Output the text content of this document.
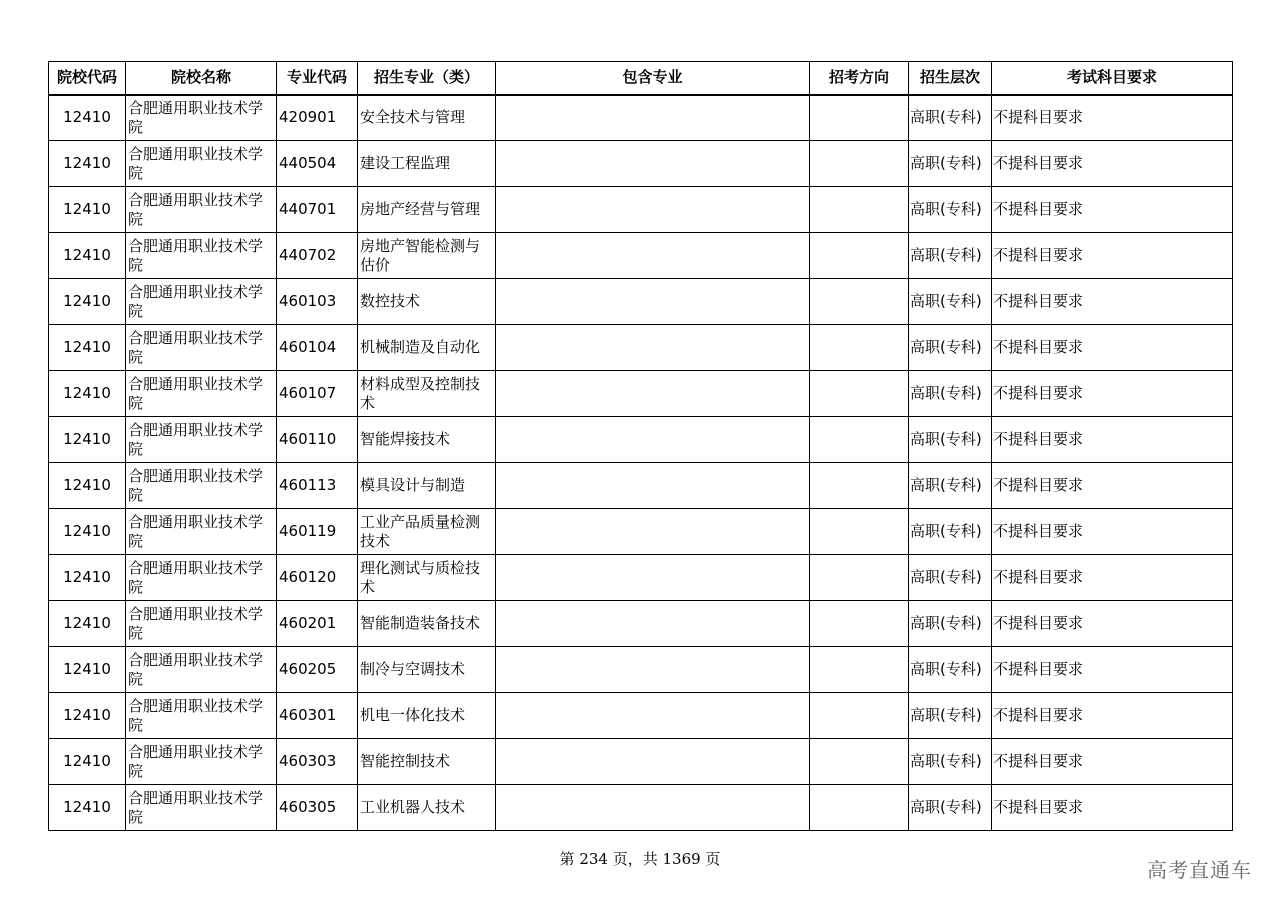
院校代码	院校名称	专业代码	招生专业（类）	包含专业	招考方向	招生层次	考试科目要求
12410	合肥通用职业技术学院	420901	安全技术与管理			高职(专科)	不提科目要求
12410	合肥通用职业技术学院	440504	建设工程监理			高职(专科)	不提科目要求
12410	合肥通用职业技术学院	440701	房地产经营与管理			高职(专科)	不提科目要求
12410	合肥通用职业技术学院	440702	房地产智能检测与估价			高职(专科)	不提科目要求
12410	合肥通用职业技术学院	460103	数控技术			高职(专科)	不提科目要求
12410	合肥通用职业技术学院	460104	机械制造及自动化			高职(专科)	不提科目要求
12410	合肥通用职业技术学院	460107	材料成型及控制技术			高职(专科)	不提科目要求
12410	合肥通用职业技术学院	460110	智能焊接技术			高职(专科)	不提科目要求
12410	合肥通用职业技术学院	460113	模具设计与制造			高职(专科)	不提科目要求
12410	合肥通用职业技术学院	460119	工业产品质量检测技术			高职(专科)	不提科目要求
12410	合肥通用职业技术学院	460120	理化测试与质检技术			高职(专科)	不提科目要求
12410	合肥通用职业技术学院	460201	智能制造装备技术			高职(专科)	不提科目要求
12410	合肥通用职业技术学院	460205	制冷与空调技术			高职(专科)	不提科目要求
12410	合肥通用职业技术学院	460301	机电一体化技术			高职(专科)	不提科目要求
12410	合肥通用职业技术学院	460303	智能控制技术			高职(专科)	不提科目要求
12410	合肥通用职业技术学院	460305	工业机器人技术			高职(专科)	不提科目要求
第 234 页，共 1369 页	高考直通车
